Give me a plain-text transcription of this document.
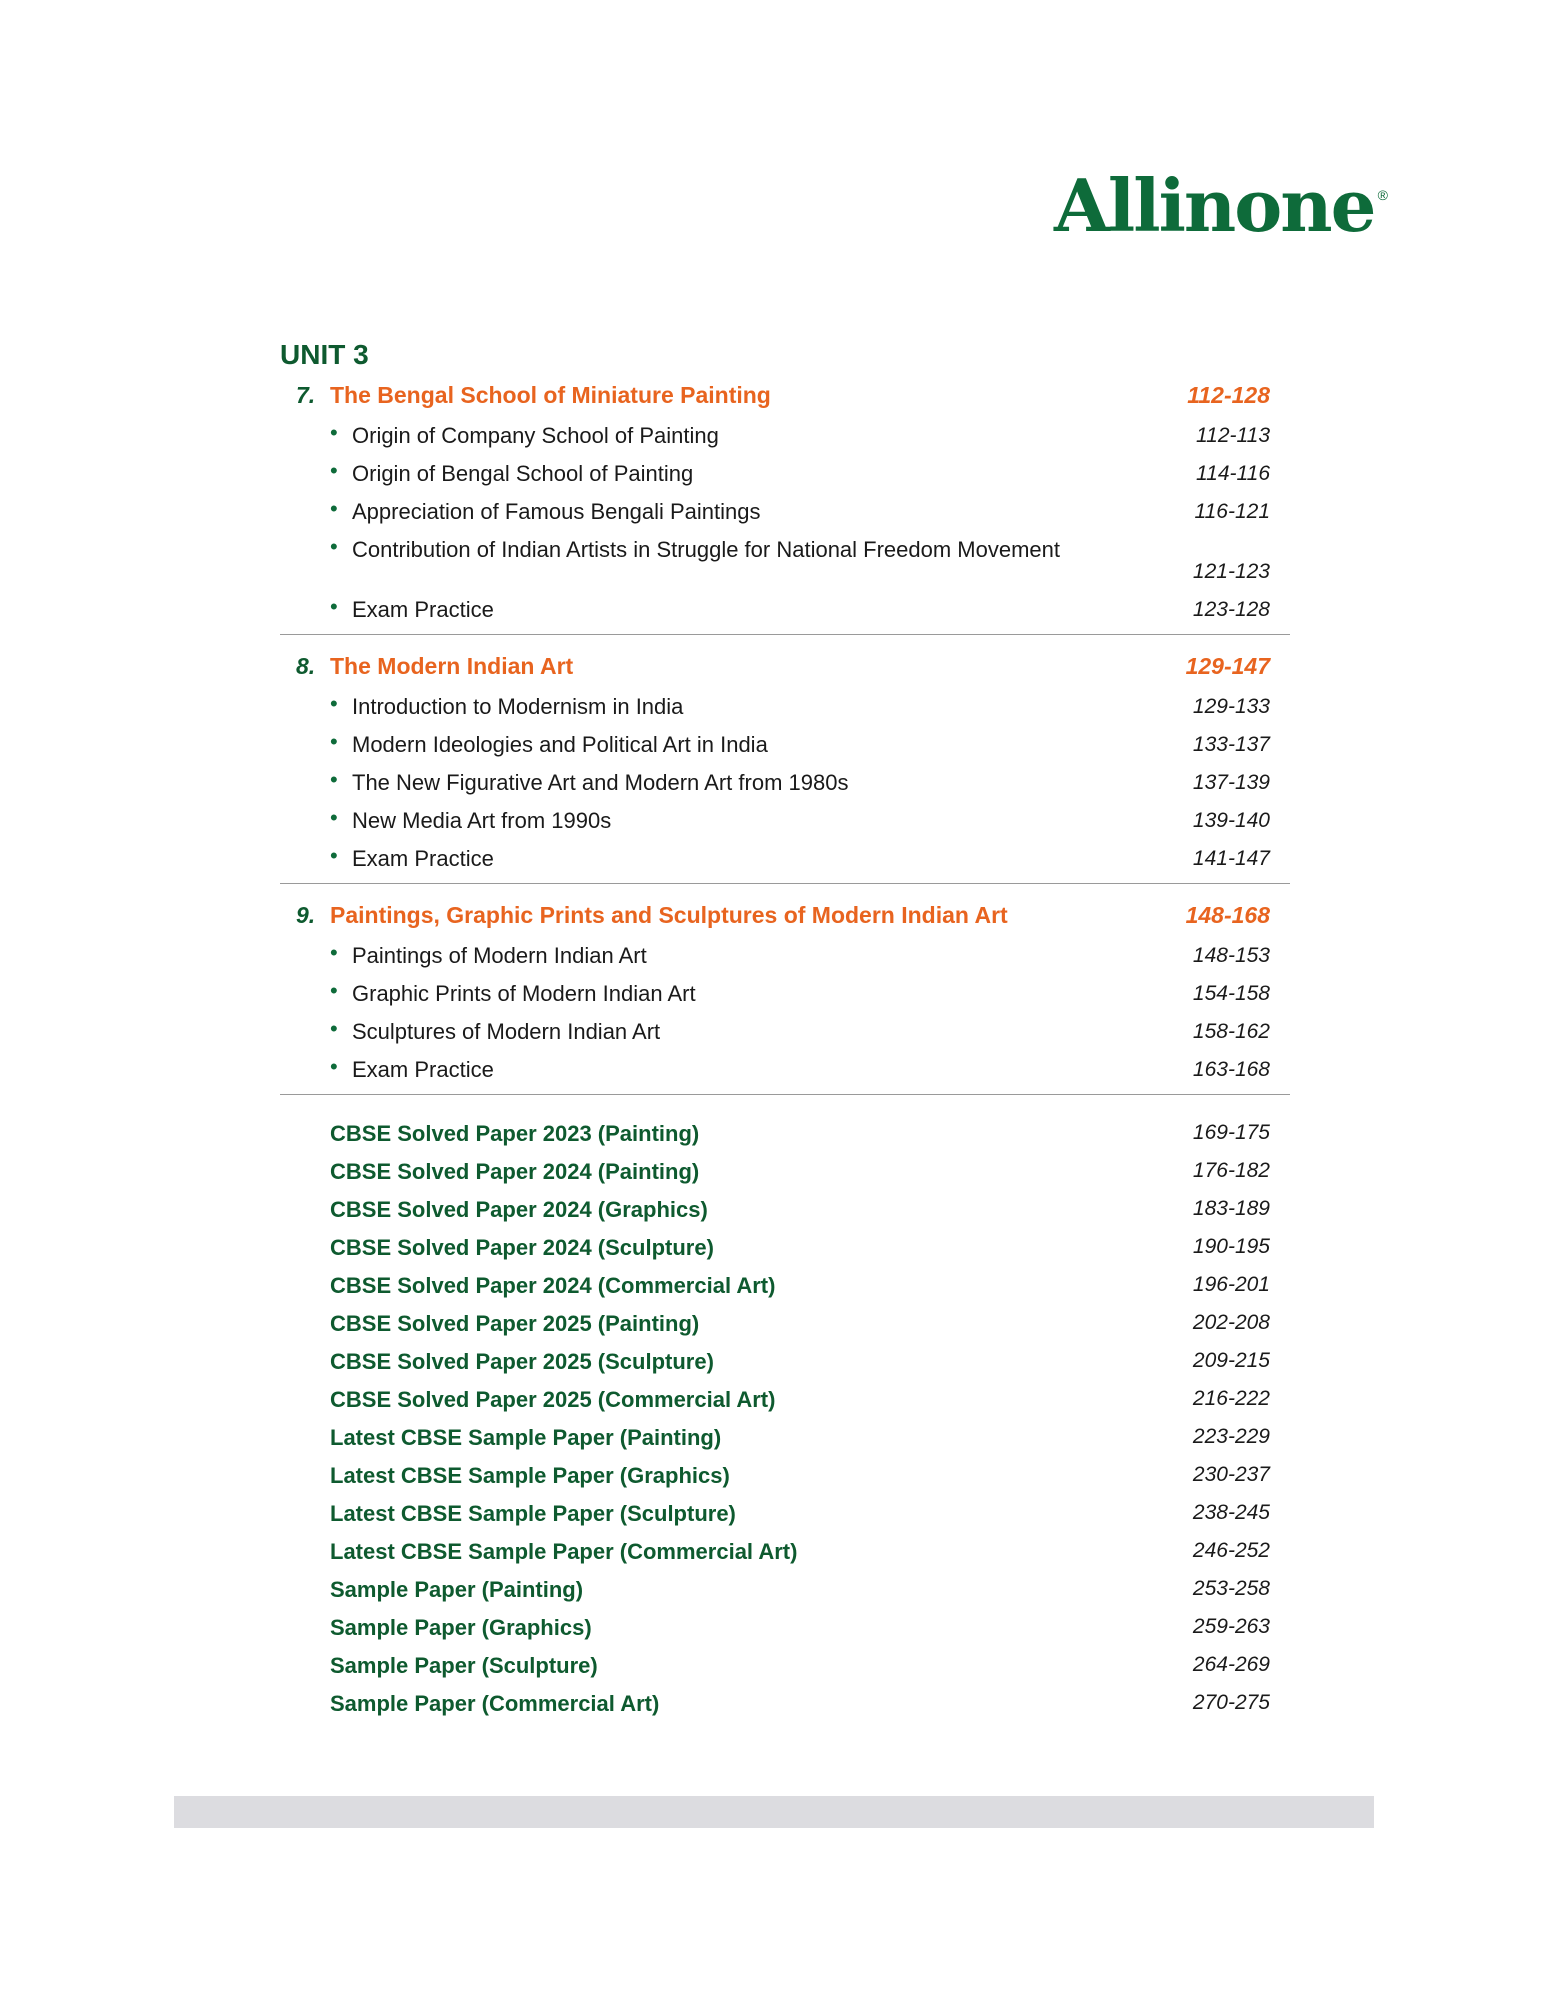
Allinone ®
UNIT 3
7. The Bengal School of Miniature Painting	112-128
• Origin of Company School of Painting	112-113
• Origin of Bengal School of Painting	114-116
• Appreciation of Famous Bengali Paintings	116-121
• Contribution of Indian Artists in Struggle for National Freedom Movement
121-123
• Exam Practice	123-128
8. The Modern Indian Art	129-147
• Introduction to Modernism in India	129-133
• Modern Ideologies and Political Art in India	133-137
• The New Figurative Art and Modern Art from 1980s	137-139
• New Media Art from 1990s	139-140
• Exam Practice	141-147
9. Paintings, Graphic Prints and Sculptures of Modern Indian Art	148-168
• Paintings of Modern Indian Art	148-153
• Graphic Prints of Modern Indian Art	154-158
• Sculptures of Modern Indian Art	158-162
• Exam Practice	163-168
CBSE Solved Paper 2023 (Painting)	169-175
CBSE Solved Paper 2024 (Painting)	176-182
CBSE Solved Paper 2024 (Graphics)	183-189
CBSE Solved Paper 2024 (Sculpture)	190-195
CBSE Solved Paper 2024 (Commercial Art)	196-201
CBSE Solved Paper 2025 (Painting)	202-208
CBSE Solved Paper 2025 (Sculpture)	209-215
CBSE Solved Paper 2025 (Commercial Art)	216-222
Latest CBSE Sample Paper (Painting)	223-229
Latest CBSE Sample Paper (Graphics)	230-237
Latest CBSE Sample Paper (Sculpture)	238-245
Latest CBSE Sample Paper (Commercial Art)	246-252
Sample Paper (Painting)	253-258
Sample Paper (Graphics)	259-263
Sample Paper (Sculpture)	264-269
Sample Paper (Commercial Art)	270-275
